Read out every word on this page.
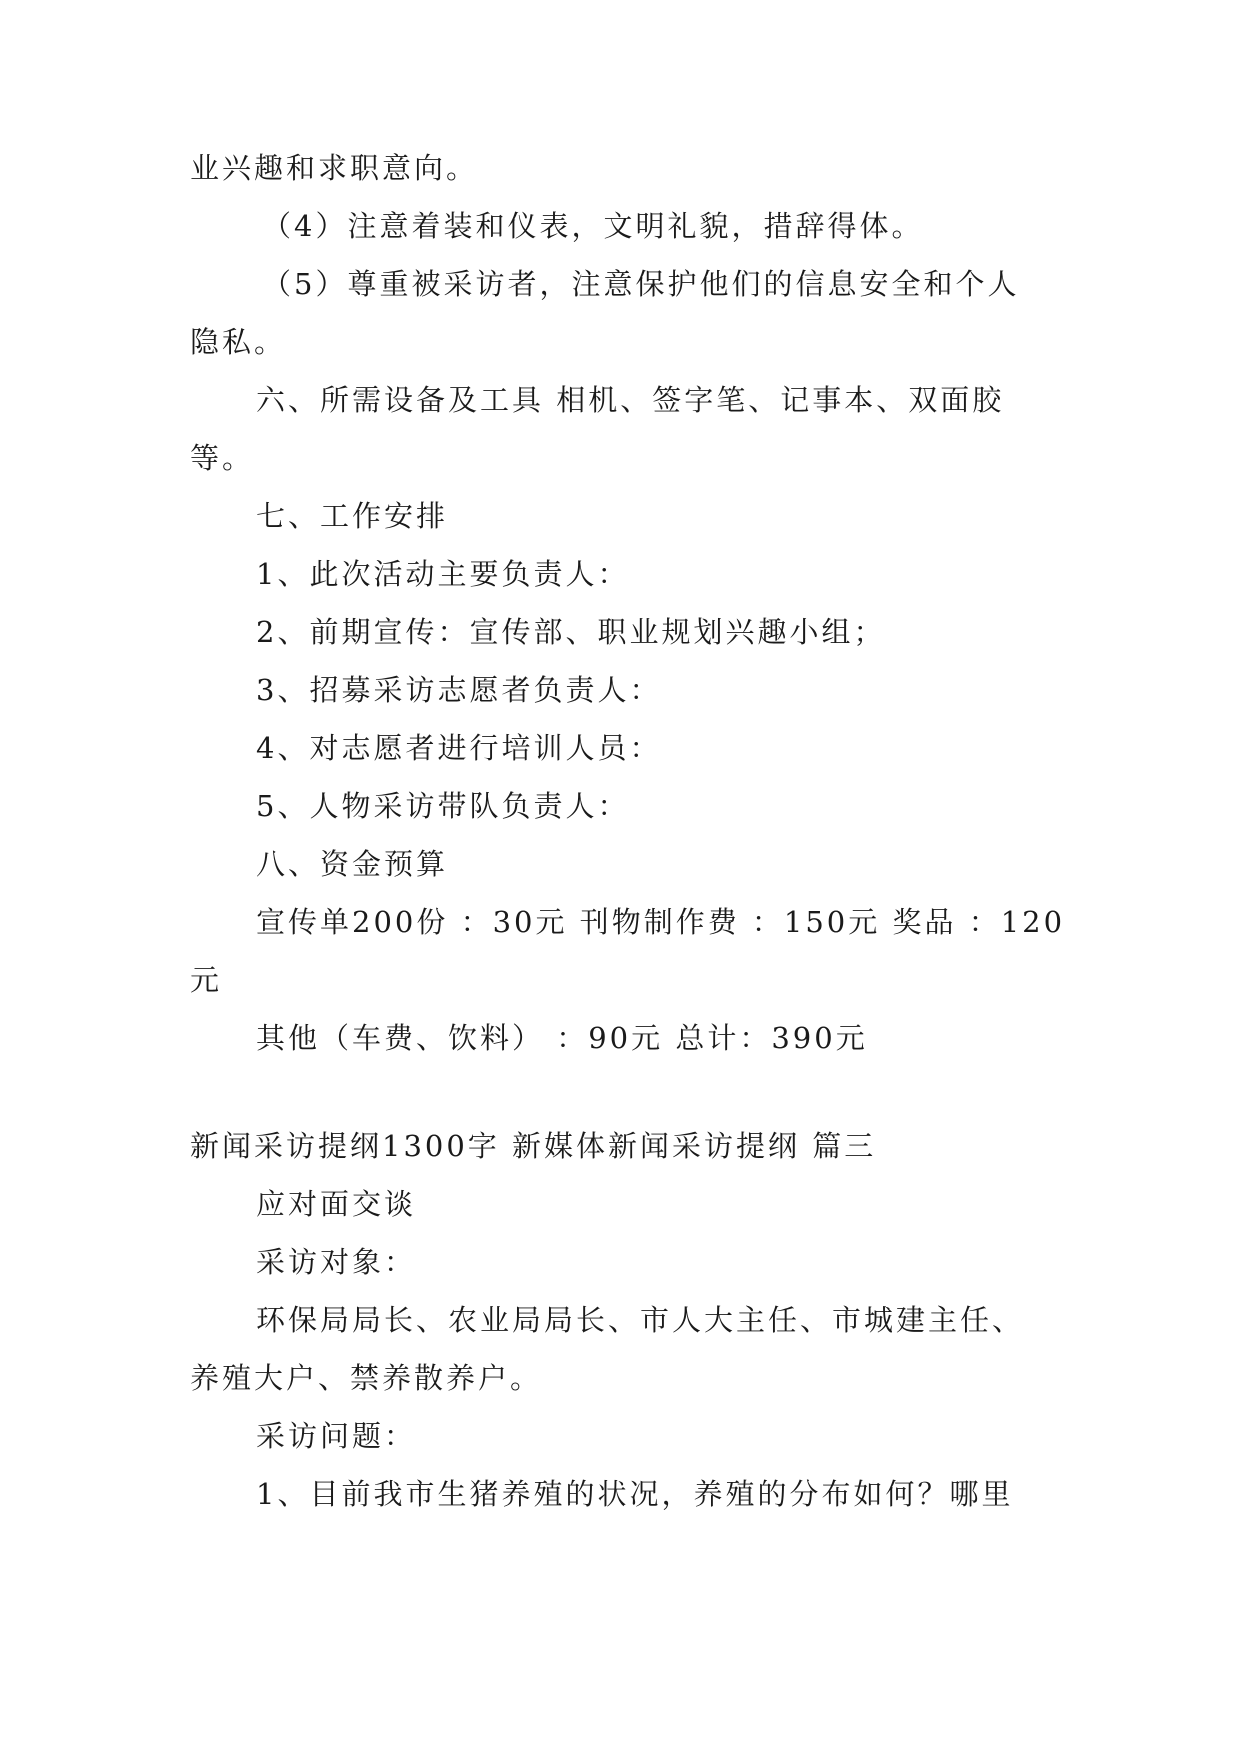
业兴趣和求职意向。
（4）注意着装和仪表，文明礼貌，措辞得体。
（5）尊重被采访者，注意保护他们的信息安全和个人
隐私。
六、所需设备及工具 相机、签字笔、记事本、双面胶
等。
七、工作安排
1、此次活动主要负责人：
2、前期宣传：宣传部、职业规划兴趣小组；
3、招募采访志愿者负责人：
4、对志愿者进行培训人员：
5、人物采访带队负责人：
八、资金预算
宣传单200份 ：30元 刊物制作费 ：150元 奖品 ：120
元
其他（车费、饮料） ：90元 总计：390元
新闻采访提纲1300字 新媒体新闻采访提纲 篇三
应对面交谈
采访对象：
环保局局长、农业局局长、市人大主任、市城建主任、
养殖大户、禁养散养户。
采访问题：
1、目前我市生猪养殖的状况，养殖的分布如何？哪里
